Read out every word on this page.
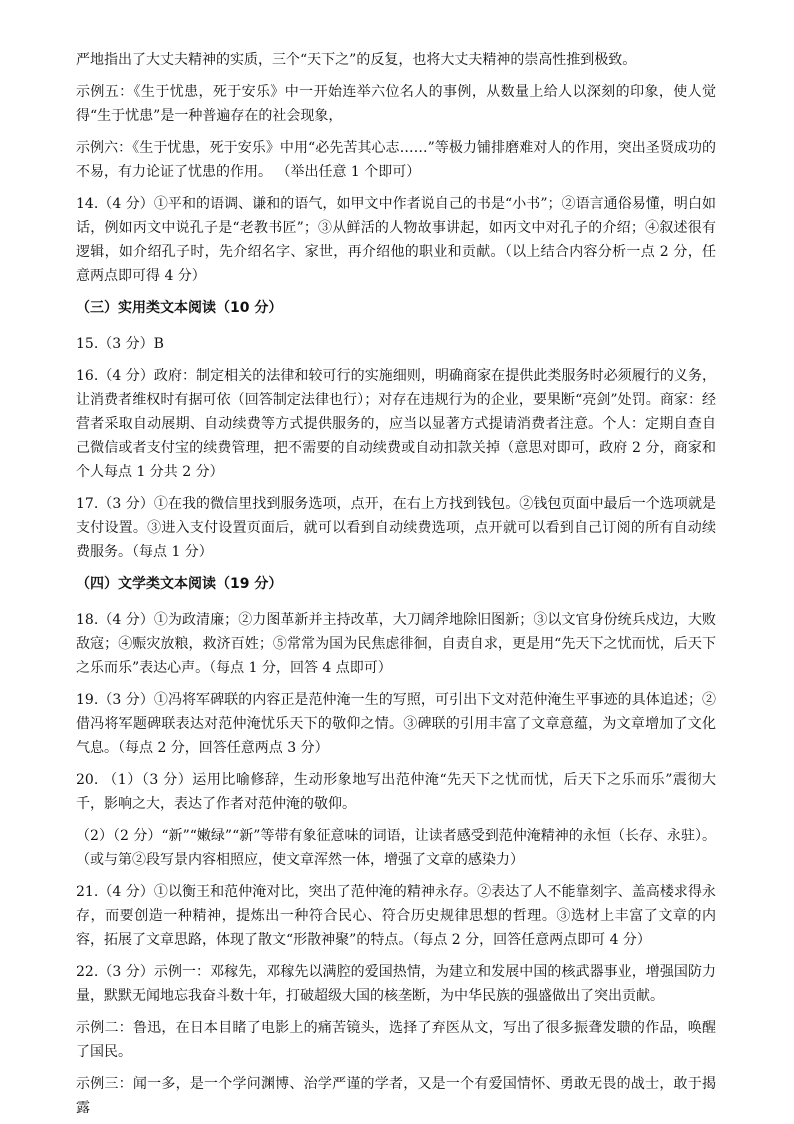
严地指出了大丈夫精神的实质，三个“天下之”的反复，也将大丈夫精神的崇高性推到极致。

示例五：《生于忧患，死于安乐》中一开始连举六位名人的事例，从数量上给人以深刻的印象，使人觉得“生于忧患”是一种普遍存在的社会现象，

示例六：《生于忧患，死于安乐》中用“必先苦其心志……”等极力铺排磨难对人的作用，突出圣贤成功的不易，有力论证了忧患的作用。 （举出任意 1 个即可）

14.（4 分）①平和的语调、谦和的语气，如甲文中作者说自己的书是“小书”；②语言通俗易懂，明白如话，例如丙文中说孔子是“老教书匠”；③从鲜活的人物故事讲起，如丙文中对孔子的介绍；④叙述很有逻辑，如介绍孔子时，先介绍名字、家世，再介绍他的职业和贡献。（以上结合内容分析一点 2 分，任意两点即可得 4 分）

（三）实用类文本阅读（10 分）

15.（3 分）B

16.（4 分）政府：制定相关的法律和较可行的实施细则，明确商家在提供此类服务时必须履行的义务，让消费者维权时有据可依（回答制定法律也行）；对存在违规行为的企业，要果断“亮剑”处罚。商家：经营者采取自动展期、自动续费等方式提供服务的，应当以显著方式提请消费者注意。个人：定期自查自己微信或者支付宝的续费管理，把不需要的自动续费或自动扣款关掉（意思对即可，政府 2 分，商家和个人每点 1 分共 2 分）

17.（3 分）①在我的微信里找到服务选项，点开，在右上方找到钱包。②钱包页面中最后一个选项就是支付设置。③进入支付设置页面后，就可以看到自动续费选项，点开就可以看到自己订阅的所有自动续费服务。（每点 1 分）

（四）文学类文本阅读（19 分）

18.（4 分）①为政清廉；②力图革新并主持改革，大刀阔斧地除旧图新；③以文官身份统兵戍边，大败敌寇；④赈灾放粮，救济百姓；⑤常常为国为民焦虑徘徊，自责自求，更是用“先天下之忧而忧，后天下之乐而乐”表达心声。（每点 1 分，回答 4 点即可）

19.（3 分）①冯将军碑联的内容正是范仲淹一生的写照，可引出下文对范仲淹生平事迹的具体追述；②借冯将军题碑联表达对范仲淹忧乐天下的敬仰之情。③碑联的引用丰富了文章意蕴，为文章增加了文化气息。（每点 2 分，回答任意两点 3 分）

20. （1）（3 分）运用比喻修辞，生动形象地写出范仲淹“先天下之忧而忧，后天下之乐而乐”震彻大千，影响之大，表达了作者对范仲淹的敬仰。

（2）（2 分）“新”“嫩绿”“新”等带有象征意味的词语，让读者感受到范仲淹精神的永恒（长存、永驻）。（或与第②段写景内容相照应，使文章浑然一体，增强了文章的感染力）

21.（4 分）①以衡王和范仲淹对比，突出了范仲淹的精神永存。②表达了人不能靠刻字、盖高楼求得永存，而要创造一种精神，提炼出一种符合民心、符合历史规律思想的哲理。③选材上丰富了文章的内容，拓展了文章思路，体现了散文“形散神聚”的特点。（每点 2 分，回答任意两点即可 4 分）

22.（3 分）示例一：邓稼先，邓稼先以满腔的爱国热情，为建立和发展中国的核武器事业，增强国防力量，默默无闻地忘我奋斗数十年，打破超级大国的核垄断，为中华民族的强盛做出了突出贡献。

示例二：鲁迅，在日本目睹了电影上的痛苦镜头，选择了弃医从文，写出了很多振聋发聩的作品，唤醒了国民。

示例三：闻一多，是一个学问渊博、治学严谨的学者，又是一个有爱国情怀、勇敢无畏的战士，敢于揭露
